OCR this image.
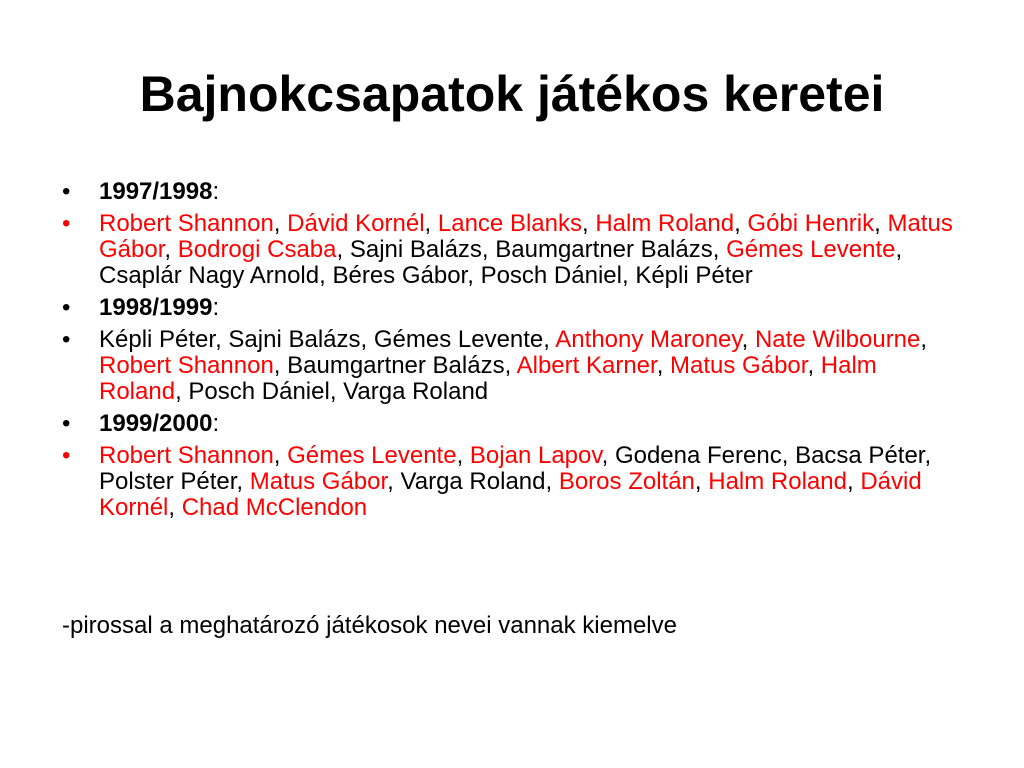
Bajnokcsapatok játékos keretei
•	1997/1998:
•	Robert Shannon, Dávid Kornél, Lance Blanks, Halm Roland, Góbi Henrik, Matus Gábor, Bodrogi Csaba, Sajni Balázs, Baumgartner Balázs, Gémes Levente, Csaplár Nagy Arnold, Béres Gábor, Posch Dániel, Képli Péter
•	1998/1999:
•	Képli Péter, Sajni Balázs, Gémes Levente, Anthony Maroney, Nate Wilbourne, Robert Shannon, Baumgartner Balázs, Albert Karner, Matus Gábor, Halm Roland, Posch Dániel, Varga Roland
•	1999/2000:
•	Robert Shannon, Gémes Levente, Bojan Lapov, Godena Ferenc, Bacsa Péter, Polster Péter, Matus Gábor, Varga Roland, Boros Zoltán, Halm Roland, Dávid Kornél, Chad McClendon
-pirossal a meghatározó játékosok nevei vannak kiemelve
